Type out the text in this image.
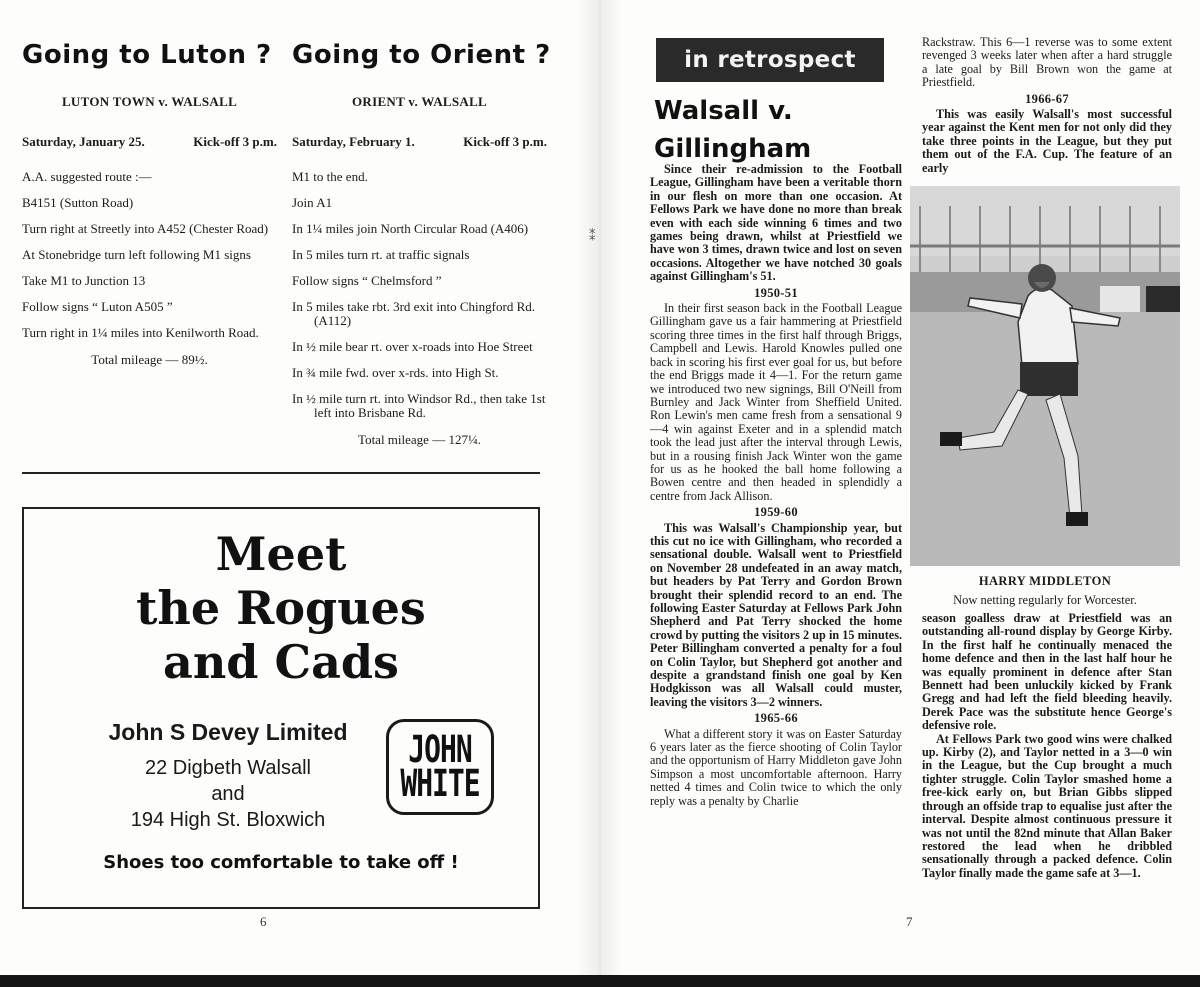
Going to Luton ?
LUTON TOWN v. WALSALL
Saturday, January 25.	Kick-off 3 p.m.
A.A. suggested route :—
B4151 (Sutton Road)
Turn right at Streetly into A452 (Chester Road)
At Stonebridge turn left following M1 signs
Take M1 to Junction 13
Follow signs “ Luton A505 ”
Turn right in 1¼ miles into Kenilworth Road.
Total mileage — 89½.
Going to Orient ?
ORIENT v. WALSALL
Saturday, February 1.	Kick-off 3 p.m.
M1 to the end.
Join A1
In 1¼ miles join North Circular Road (A406)
In 5 miles turn rt. at traffic signals
Follow signs “ Chelmsford ”
In 5 miles take rbt. 3rd exit into Chingford Rd. (A112)
In ½ mile bear rt. over x-roads into Hoe Street
In ¾ mile fwd. over x-rds. into High St.
In ½ mile turn rt. into Windsor Rd., then take 1st left into Brisbane Rd.
Total mileage — 127¼.
Meet
the Rogues
and Cads
John S Devey Limited
22 Digbeth Walsall
and
194 High St. Bloxwich
JOHN
WHITE
Shoes too comfortable to take off !
6
⁑
in retrospect
Walsall v.
Gillingham

Since their re-admission to the Football League, Gillingham have been a veritable thorn in our flesh on more than one occasion. At Fellows Park we have done no more than break even with each side winning 6 times and two games being drawn, whilst at Priestfield we have won 3 times, drawn twice and lost on seven occasions. Altogether we have notched 30 goals against Gillingham's 51.

1950-51

In their first season back in the Football League Gillingham gave us a fair hammering at Priestfield scoring three times in the first half through Briggs, Campbell and Lewis. Harold Knowles pulled one back in scoring his first ever goal for us, but before the end Briggs made it 4—1. For the return game we introduced two new signings, Bill O'Neill from Burnley and Jack Winter from Sheffield United. Ron Lewin's men came fresh from a sensational 9—4 win against Exeter and in a splendid match took the lead just after the interval through Lewis, but in a rousing finish Jack Winter won the game for us as he hooked the ball home following a Bowen centre and then headed in splendidly a centre from Jack Allison.

1959-60

This was Walsall's Championship year, but this cut no ice with Gillingham, who recorded a sensational double. Walsall went to Priestfield on November 28 undefeated in an away match, but headers by Pat Terry and Gordon Brown brought their splendid record to an end. The following Easter Saturday at Fellows Park John Shepherd and Pat Terry shocked the home crowd by putting the visitors 2 up in 15 minutes. Peter Billingham converted a penalty for a foul on Colin Taylor, but Shepherd got another and despite a grandstand finish one goal by Ken Hodgkisson was all Walsall could muster, leaving the visitors 3—2 winners.

1965-66

What a different story it was on Easter Saturday 6 years later as the fierce shooting of Colin Taylor and the opportunism of Harry Middleton gave John Simpson a most uncomfortable afternoon. Harry netted 4 times and Colin twice to which the only reply was a penalty by Charlie

Rackstraw. This 6—1 reverse was to some extent revenged 3 weeks later when after a hard struggle a late goal by Bill Brown won the game at Priestfield.

1966-67

This was easily Walsall's most successful year against the Kent men for not only did they take three points in the League, but they put them out of the F.A. Cup. The feature of an early

HARRY MIDDLETON
Now netting regularly for Worcester.

season goalless draw at Priestfield was an outstanding all-round display by George Kirby. In the first half he continually menaced the home defence and then in the last half hour he was equally prominent in defence after Stan Bennett had been unluckily kicked by Frank Gregg and had left the field bleeding heavily. Derek Pace was the substitute hence George's defensive role.

At Fellows Park two good wins were chalked up. Kirby (2), and Taylor netted in a 3—0 win in the League, but the Cup brought a much tighter struggle. Colin Taylor smashed home a free-kick early on, but Brian Gibbs slipped through an offside trap to equalise just after the interval. Despite almost continuous pressure it was not until the 82nd minute that Allan Baker restored the lead when he dribbled sensationally through a packed defence. Colin Taylor finally made the game safe at 3—1.

7
